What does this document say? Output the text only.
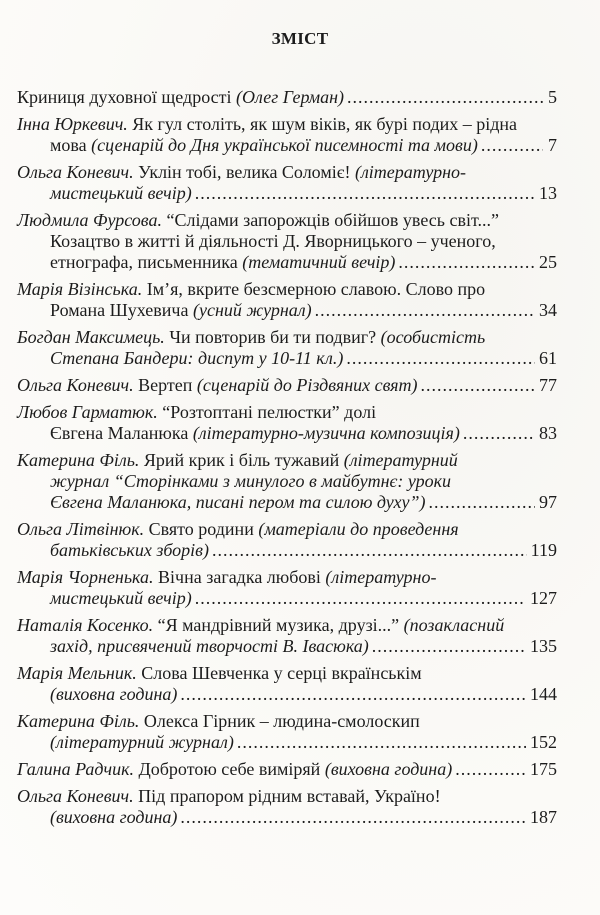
ЗМІСТ
Криниця духовної щедрості (Олег Герман) .....	5
Інна Юркевич. Як гул століть, як шум віків, як бурі подих – рідна
мова (сценарій до Дня української писемності та мови) .....	7
Ольга Коневич. Уклін тобі, велика Соломіє! (літературно-
мистецький вечір) .....	13
Людмила Фурсова. “Слідами запорожців обійшов увесь світ...”
Козацтво в житті й діяльності Д. Яворницького – ученого,
етнографа, письменника (тематичний вечір) .....	25
Марія Візінська. Ім’я, вкрите безсмерною славою. Слово про
Романа Шухевича (усний журнал) .....	34
Богдан Максимець. Чи повторив би ти подвиг? (особистість
Степана Бандери: диспут у 10-11 кл.) .....	61
Ольга Коневич. Вертеп (сценарій до Різдвяних свят) .....	77
Любов Гарматюк. “Розтоптані пелюстки” долі
Євгена Маланюка (літературно-музична композиція) .....	83
Катерина Філь. Ярий крик і біль тужавий (літературний
журнал “Сторінками з минулого в майбутнє: уроки
Євгена Маланюка, писані пером та силою духу”) .....	97
Ольга Літвінюк. Свято родини (матеріали до проведення
батьківських зборів) .....	119
Марія Чорненька. Вічна загадка любові (літературно-
мистецький вечір) .....	127
Наталія Косенко. “Я мандрівний музика, друзі...” (позакласний
захід, присвячений творчості В. Івасюка) .....	135
Марія Мельник. Слова Шевченка у серці вкраїнськім
(виховна година) .....	144
Катерина Філь. Олекса Гірник – людина-смолоскип
(літературний журнал) .....	152
Галина Радчик. Добротою себе виміряй (виховна година) .....	175
Ольга Коневич. Під прапором рідним вставай, Україно!
(виховна година) .....	187
